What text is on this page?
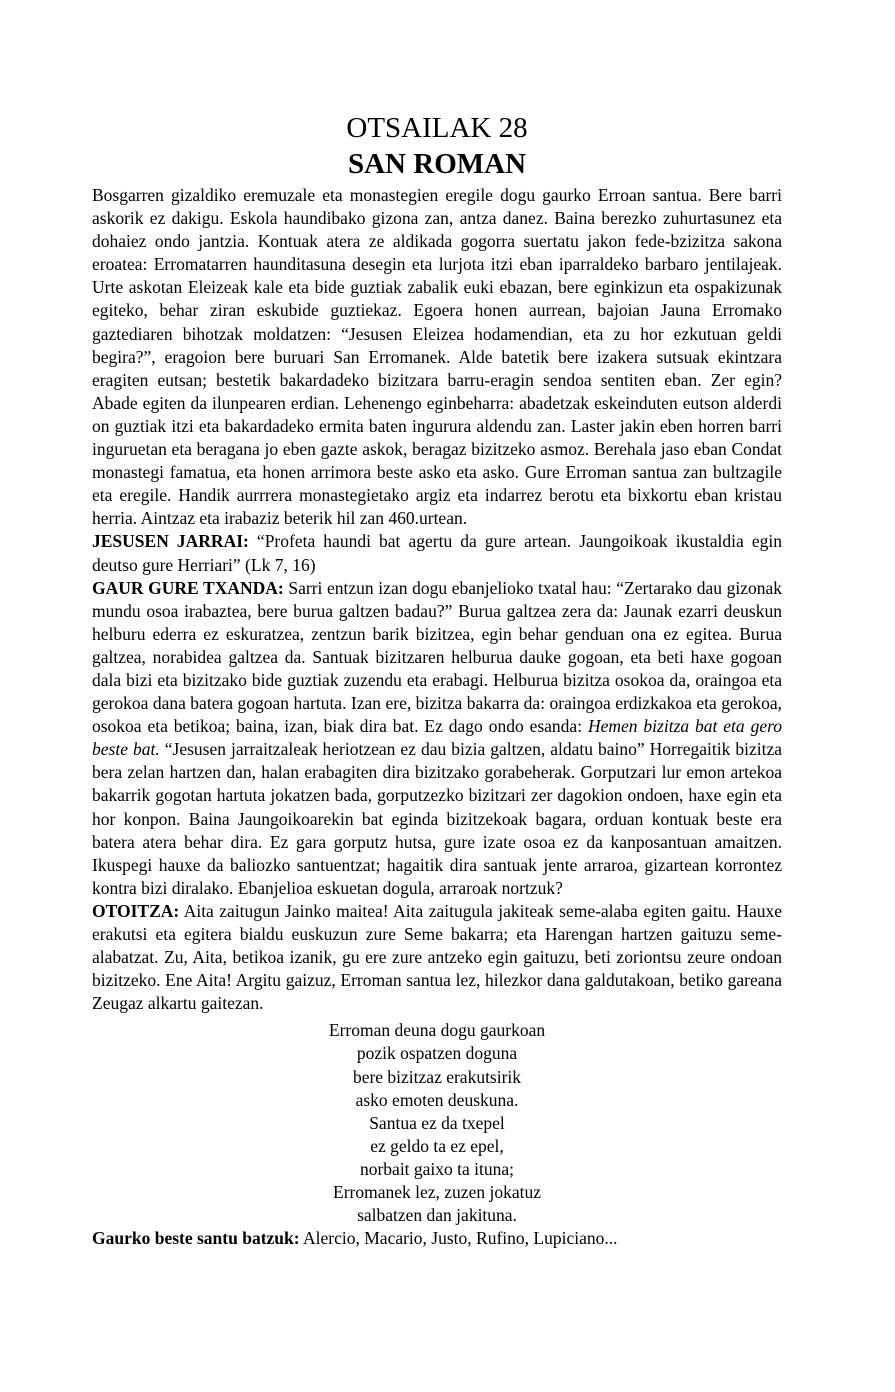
OTSAILAK 28
SAN ROMAN

Bosgarren gizaldiko eremuzale eta monastegien eregile dogu gaurko Erroan santua. Bere barri askorik ez dakigu. Eskola haundibako gizona zan, antza danez. Baina berezko zuhurtasunez eta dohaiez ondo jantzia. Kontuak atera ze aldikada gogorra suertatu jakon fede-bzizitza sakona eroatea: Erromatarren haunditasuna desegin eta lurjota itzi eban iparraldeko barbaro jentilajeak. Urte askotan Eleizeak kale eta bide guztiak zabalik euki ebazan, bere eginkizun eta ospakizunak egiteko, behar ziran eskubide guztiekaz. Egoera honen aurrean, bajoian Jauna Erromako gaztediaren bihotzak moldatzen: “Jesusen Eleizea hodamendian, eta zu hor ezkutuan geldi begira?”, eragoion bere buruari San Erromanek. Alde batetik bere izakera sutsuak ekintzara eragiten eutsan; bestetik bakardadeko bizitzara barru-eragin sendoa sentiten eban. Zer egin? Abade egiten da ilunpearen erdian. Lehenengo eginbeharra: abadetzak eskeinduten eutson alderdi on guztiak itzi eta bakardadeko ermita baten ingurura aldendu zan. Laster jakin eben horren barri inguruetan eta beragana jo eben gazte askok, beragaz bizitzeko asmoz. Berehala jaso eban Condat monastegi famatua, eta honen arrimora beste asko eta asko. Gure Erroman santua zan bultzagile eta eregile. Handik aurrrera monastegietako argiz eta indarrez berotu eta bixkortu eban kristau herria. Aintzaz eta irabaziz beterik hil zan 460.urtean.

JESUSEN JARRAI: “Profeta haundi bat agertu da gure artean. Jaungoikoak ikustaldia egin deutso gure Herriari” (Lk 7, 16)

GAUR GURE TXANDA: Sarri entzun izan dogu ebanjelioko txatal hau: “Zertarako dau gizonak mundu osoa irabaztea, bere burua galtzen badau?” Burua galtzea zera da: Jaunak ezarri deuskun helburu ederra ez eskuratzea, zentzun barik bizitzea, egin behar genduan ona ez egitea. Burua galtzea, norabidea galtzea da. Santuak bizitzaren helburua dauke gogoan, eta beti haxe gogoan dala bizi eta bizitzako bide guztiak zuzendu eta erabagi. Helburua bizitza osokoa da, oraingoa eta gerokoa dana batera gogoan hartuta. Izan ere, bizitza bakarra da: oraingoa erdizkakoa eta gerokoa, osokoa eta betikoa; baina, izan, biak dira bat. Ez dago ondo esanda: Hemen bizitza bat eta gero beste bat. “Jesusen jarraitzaleak heriotzean ez dau bizia galtzen, aldatu baino” Horregaitik bizitza bera zelan hartzen dan, halan erabagiten dira bizitzako gorabeherak. Gorputzari lur emon artekoa bakarrik gogotan hartuta jokatzen bada, gorputzezko bizitzari zer dagokion ondoen, haxe egin eta hor konpon. Baina Jaungoikoarekin bat eginda bizitzekoak bagara, orduan kontuak beste era batera atera behar dira. Ez gara gorputz hutsa, gure izate osoa ez da kanposantuan amaitzen. Ikuspegi hauxe da baliozko santuentzat; hagaitik dira santuak jente arraroa, gizartean korrontez kontra bizi diralako. Ebanjelioa eskuetan dogula, arraroak nortzuk?

OTOITZA: Aita zaitugun Jainko maitea! Aita zaitugula jakiteak seme-alaba egiten gaitu. Hauxe erakutsi eta egitera bialdu euskuzun zure Seme bakarra; eta Harengan hartzen gaituzu seme-alabatzat. Zu, Aita, betikoa izanik, gu ere zure antzeko egin gaituzu, beti zoriontsu zeure ondoan bizitzeko. Ene Aita! Argitu gaizuz, Erroman santua lez, hilezkor dana galdutakoan, betiko gareana Zeugaz alkartu gaitezan.

Erroman deuna dogu gaurkoan
pozik ospatzen doguna
bere bizitzaz erakutsirik
asko emoten deuskuna.
Santua ez da txepel
ez geldo ta ez epel,
norbait gaixo ta ituna;
Erromanek lez, zuzen jokatuz
salbatzen dan jakituna.

Gaurko beste santu batzuk: Alercio, Macario, Justo, Rufino, Lupiciano...
